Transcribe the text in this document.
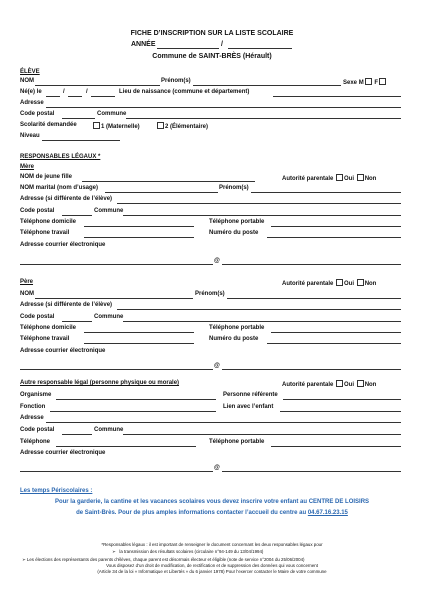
FICHE D’INSCRIPTION SUR LA LISTE SCOLAIRE
ANNÉE	/
Commune de SAINT-BRÈS (Hérault)
ÉLÈVE
NOM	Prénom(s)	Sexe M F
Né(e) le	/	/	Lieu de naissance (commune et département)
Adresse
Code postal	Commune
Scolarité demandée	1 (Maternelle)	2 (Élémentaire)
Niveau
RESPONSABLES LÉGAUX *
Mère
NOM de jeune fille	Autorité parentale Oui Non
NOM marital (nom d’usage)	Prénom(s)
Adresse (si différente de l’élève)
Code postal	Commune
Téléphone domicile	Téléphone portable
Téléphone travail	Numéro du poste
Adresse courrier électronique
@
Père	Autorité parentale Oui Non
NOM	Prénom(s)
Adresse (si différente de l’élève)
Code postal	Commune
Téléphone domicile	Téléphone portable
Téléphone travail	Numéro du poste
Adresse courrier électronique
@
Autre responsable légal (personne physique ou morale)	Autorité parentale Oui Non
Organisme	Personne référente
Fonction	Lien avec l’enfant
Adresse
Code postal	Commune
Téléphone	Téléphone portable
Adresse courrier électronique
@
Les temps Périscolaires :
Pour la garderie, la cantine et les vacances scolaires vous devez inscrire votre enfant au CENTRE DE LOISIRS
de Saint-Brès. Pour de plus amples informations contacter l’accueil du centre au 04.67.16.23.15
*Responsables légaux : il est important de renseigner le document concernant les deux responsables légaux pour
➢ la transmission des résultats scolaires (circulaire n°94-149 du 13/04/1994)
➢ Les élections des représentants des parents d’élèves, chaque parent est désormais électeur et éligible (note de service n°2004 du 25/06/2004)
Vous disposez d’un droit de modification, de rectification et de suppression des données qui vous concernent
(Article 34 de la loi « Informatique et Libertés » du 6 janvier 1978) Pour l’exercer contacter le Maire de votre commune
